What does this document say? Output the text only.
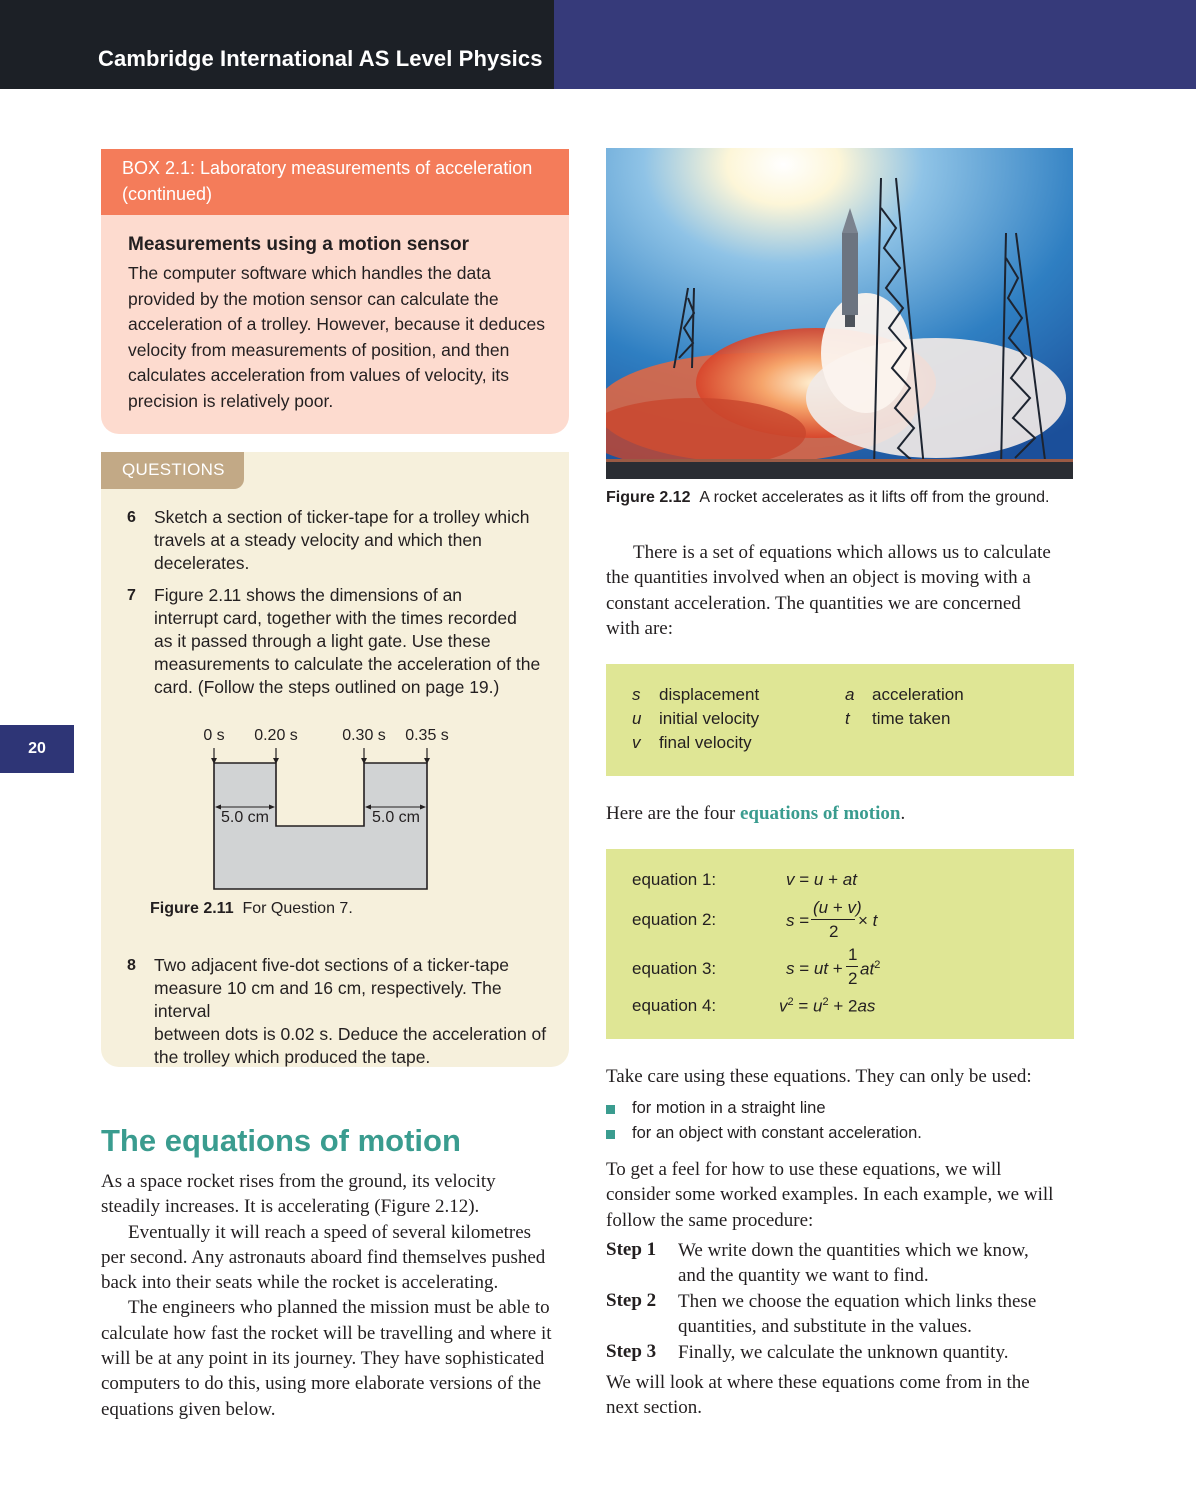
Cambridge International AS Level Physics
20
BOX 2.1: Laboratory measurements of acceleration
(continued)
Measurements using a motion sensor
The computer software which handles the data
provided by the motion sensor can calculate the
acceleration of a trolley. However, because it deduces
velocity from measurements of position, and then
calculates acceleration from values of velocity, its
precision is relatively poor.
QUESTIONS
6 Sketch a section of ticker-tape for a trolley which
travels at a steady velocity and which then
decelerates.
7 Figure 2.11 shows the dimensions of an
interrupt card, together with the times recorded
as it passed through a light gate. Use these
measurements to calculate the acceleration of the
card. (Follow the steps outlined on page 19.)
0 s 0.20 s	0.30 s 0.35 s
5.0 cm	5.0 cm
Figure 2.11 For Question 7.
8 Two adjacent five-dot sections of a ticker-tape
measure 10 cm and 16 cm, respectively. The interval
between dots is 0.02 s. Deduce the acceleration of
the trolley which produced the tape.
The equations of motion
As a space rocket rises from the ground, its velocity
steadily increases. It is accelerating (Figure 2.12).
Eventually it will reach a speed of several kilometres
per second. Any astronauts aboard find themselves pushed
back into their seats while the rocket is accelerating.
The engineers who planned the mission must be able to
calculate how fast the rocket will be travelling and where it
will be at any point in its journey. They have sophisticated
computers to do this, using more elaborate versions of the
equations given below.
Figure 2.12 A rocket accelerates as it lifts off from the ground.
There is a set of equations which allows us to calculate
the quantities involved when an object is moving with a
constant acceleration. The quantities we are concerned
with are:
s displacement
u initial velocity
v final velocity
a acceleration
t time taken
Here are the four equations of motion.
equation 1:
equation 2:
equation 3:
equation 4:
v = u + at
s =
(u + v)
2
× t
s = ut +
1
2 $at^2$
$v^2 = u^2 + 2as$
Take care using these equations. They can only be used:
for motion in a straight line
for an object with constant acceleration.
To get a feel for how to use these equations, we will
consider some worked examples. In each example, we will
follow the same procedure:
Step 1 We write down the quantities which we know,
and the quantity we want to find.
Step 2 Then we choose the equation which links these
quantities, and substitute in the values.
Step 3 Finally, we calculate the unknown quantity.
We will look at where these equations come from in the
next section.
